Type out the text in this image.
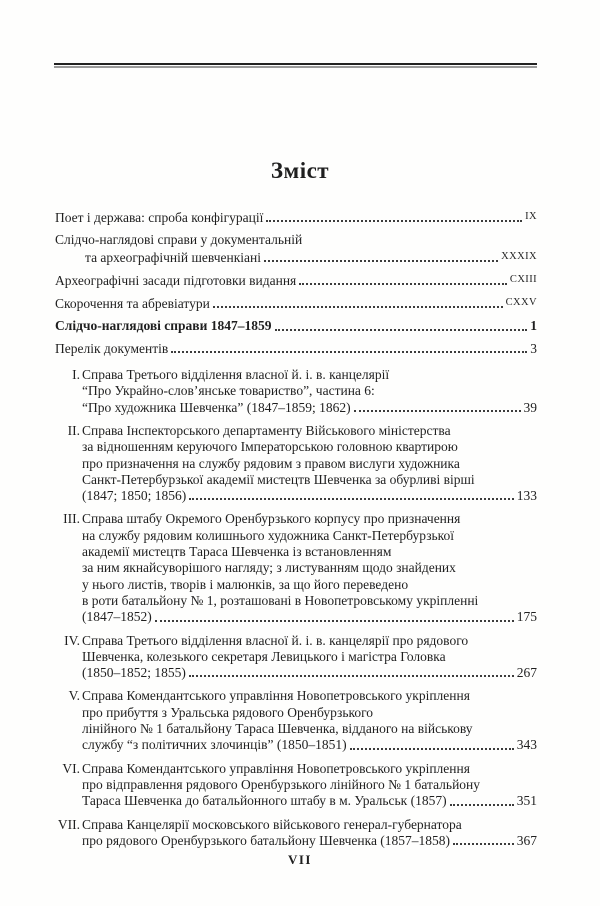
Зміст
Поет і держава: спроба конфігурації	IX
Слідчо-наглядові справи у документальній
та археографічній шевченкіані	XXXIX
Археографічні засади підготовки видання	CXIII
Скорочення та абревіатури	CXXV
Слідчо-наглядові справи 1847–1859	1
Перелік документів	3
I. Справа Третього відділення власної й. і. в. канцелярії
“Про Украйно-слов’янське товариство”, частина 6:
“Про художника Шевченка” (1847–1859; 1862)	39
II. Справа Інспекторського департаменту Військового міністерства
за відношенням керуючого Імператорською головною квартирою
про призначення на службу рядовим з правом вислуги художника
Санкт-Петербурзької академії мистецтв Шевченка за обурливі вірші
(1847; 1850; 1856)	133
III. Справа штабу Окремого Оренбурзького корпусу про призначення
на службу рядовим колишнього художника Санкт-Петербурзької
академії мистецтв Тараса Шевченка із встановленням
за ним якнайсуворішого нагляду; з листуванням щодо знайдених
у нього листів, творів і малюнків, за що його переведено
в роти батальйону № 1, розташовані в Новопетровському укріпленні
(1847–1852)	175
IV. Справа Третього відділення власної й. і. в. канцелярії про рядового
Шевченка, колезького секретаря Левицького і магістра Головка
(1850–1852; 1855)	267
V. Справа Комендантського управління Новопетровського укріплення
про прибуття з Уральська рядового Оренбурзького
лінійного № 1 батальйону Тараса Шевченка, відданого на військову
службу “з політичних злочинців” (1850–1851)	343
VI. Справа Комендантського управління Новопетровського укріплення
про відправлення рядового Оренбурзького лінійного № 1 батальйону
Тараса Шевченка до батальйонного штабу в м. Уральськ (1857)	351
VII. Справа Канцелярії московського військового генерал-губернатора
про рядового Оренбурзького батальйону Шевченка (1857–1858)	367
VII
